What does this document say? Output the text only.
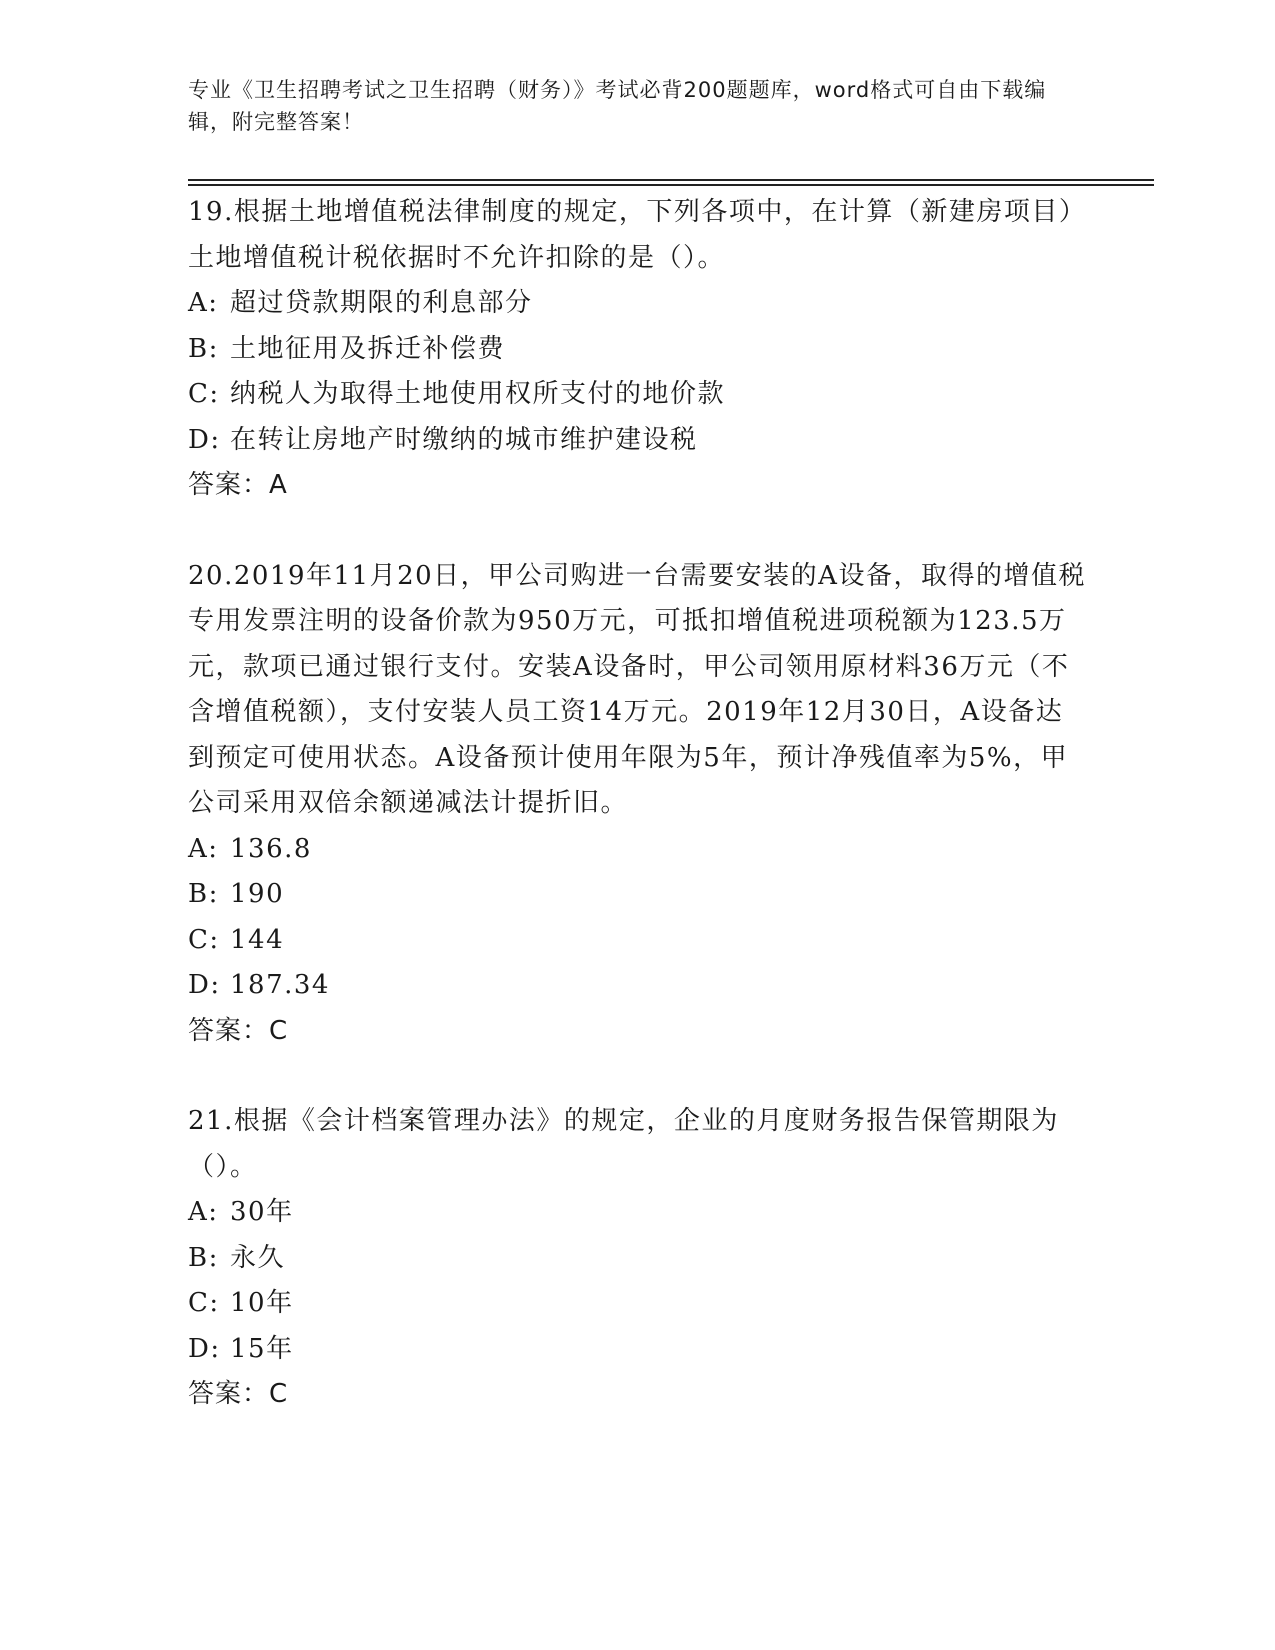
专业《卫生招聘考试之卫生招聘（财务）》考试必背200题题库，word格式可自由下载编辑，附完整答案！
19.根据土地增值税法律制度的规定，下列各项中，在计算（新建房项目）土地增值税计税依据时不允许扣除的是（）。
A: 超过贷款期限的利息部分
B: 土地征用及拆迁补偿费
C: 纳税人为取得土地使用权所支付的地价款
D: 在转让房地产时缴纳的城市维护建设税
答案：A
20.2019年11月20日，甲公司购进一台需要安装的A设备，取得的增值税专用发票注明的设备价款为950万元，可抵扣增值税进项税额为123.5万元，款项已通过银行支付。安装A设备时，甲公司领用原材料36万元（不含增值税额），支付安装人员工资14万元。2019年12月30日，A设备达到预定可使用状态。A设备预计使用年限为5年，预计净残值率为5%，甲公司采用双倍余额递减法计提折旧。
A: 136.8
B: 190
C: 144
D: 187.34
答案：C
21.根据《会计档案管理办法》的规定，企业的月度财务报告保管期限为（）。
A: 30年
B: 永久
C: 10年
D: 15年
答案：C
